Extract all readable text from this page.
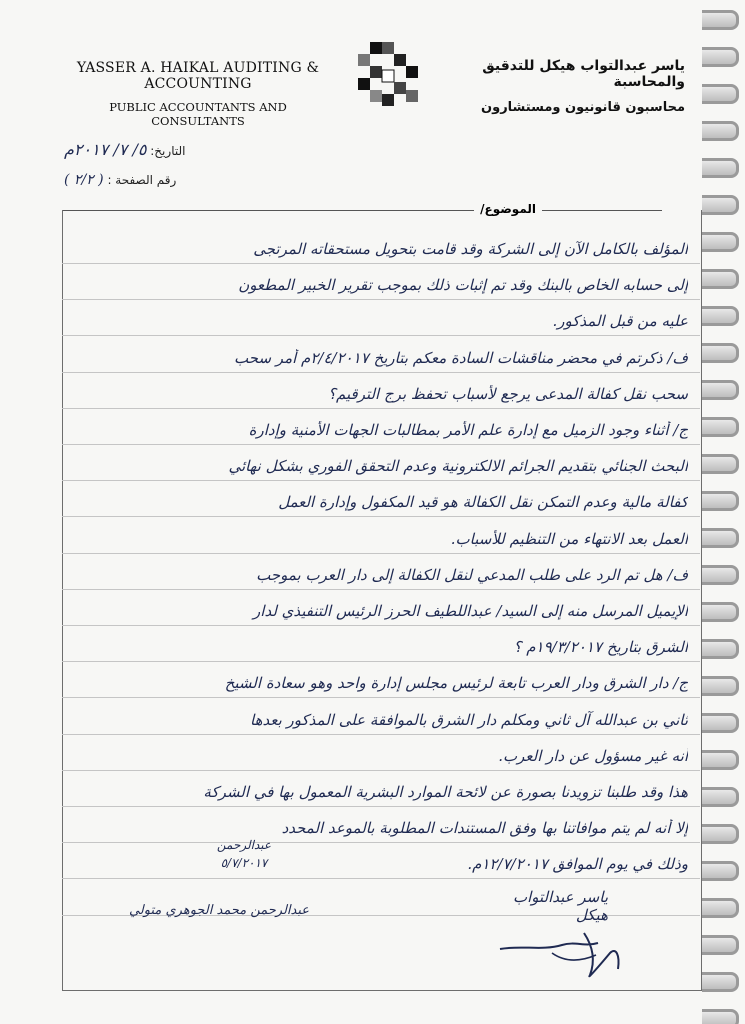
YASSER A. HAIKAL AUDITING & ACCOUNTING
PUBLIC ACCOUNTANTS AND CONSULTANTS
ياسر عبدالتواب هيكل للتدقيق والمحاسبة
محاسبون قانونيون ومستشارون
التاريخ: ٥/ ٧/ ٢٠١٧م
رقم الصفحة : ( ٢/٢ )
الموضوع/
المؤلف بالكامل الآن إلى الشركة وقد قامت بتحويل مستحقاته المرتجى
إلى حسابه الخاص بالبنك وقد تم إثبات ذلك بموجب تقرير الخبير المطعون
عليه من قبل المذكور.
ف/ ذكرتم في محضر مناقشات السادة معكم بتاريخ ٢/٤/٢٠١٧م أمر سحب
سحب نقل كفالة المدعى يرجع لأسباب تحفظ برج الترقيم؟
ج/ أثناء وجود الزميل مع إدارة علم الأمر بمطالبات الجهات الأمنية وإدارة
البحث الجنائي بتقديم الجرائم الالكترونية وعدم التحقق الفوري بشكل نهائي
كفالة مالية وعدم التمكن نقل الكفالة هو قيد المكفول وإدارة العمل
العمل بعد الانتهاء من التنظيم للأسباب.
ف/ هل تم الرد على طلب المدعي لنقل الكفالة إلى دار العرب بموجب
الإيميل المرسل منه إلى السيد/ عبداللطيف الحرز الرئيس التنفيذي لدار
الشرق بتاريخ ١٩/٣/٢٠١٧م ؟
ج/ دار الشرق ودار العرب تابعة لرئيس مجلس إدارة واحد وهو سعادة الشيخ
ثاني بن عبدالله آل ثاني ومكلم دار الشرق بالموافقة على المذكور بعدها
أنه غير مسؤول عن دار العرب.
هذا وقد طلبنا تزويدنا بصورة عن لائحة الموارد البشرية المعمول بها في الشركة
إلا أنه لم يتم موافاتنا بها وفق المستندات المطلوبة بالموعد المحدد
وذلك في يوم الموافق ١٢/٧/٢٠١٧م.
عبدالرحمن
٥/٧/٢٠١٧
عبدالرحمن محمد الجوهري متولي
ياسر عبدالتواب هيكل
